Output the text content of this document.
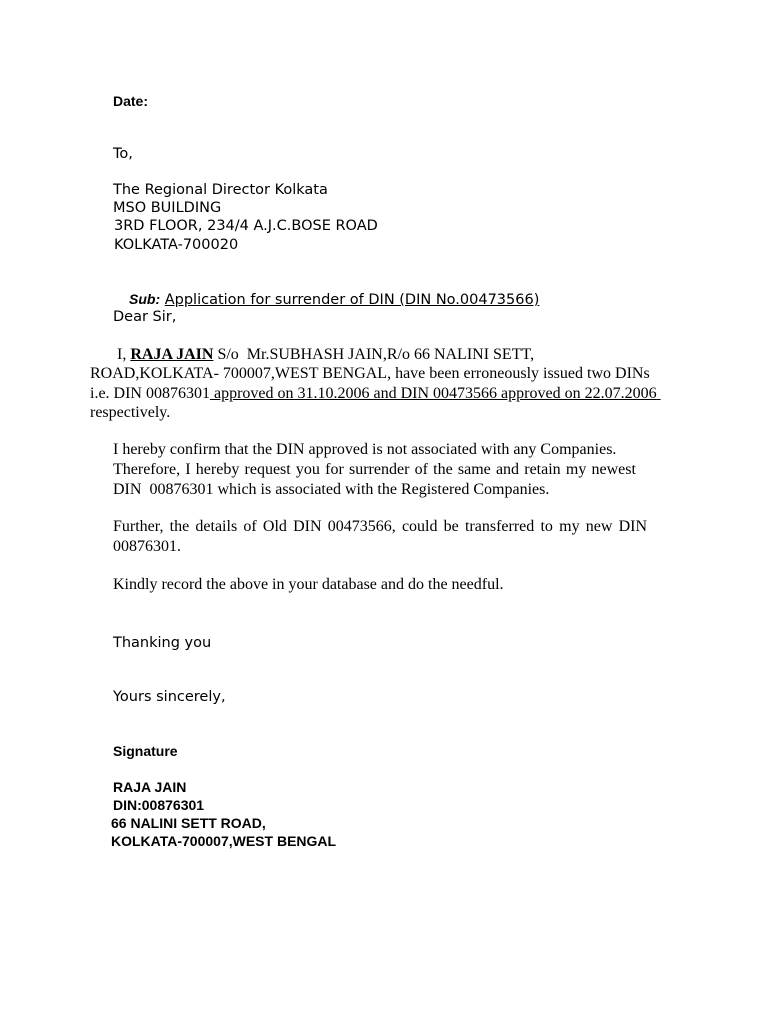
Date:
To,
The Regional Director Kolkata
MSO BUILDING
3RD FLOOR, 234/4 A.J.C.BOSE ROAD
KOLKATA-700020

Sub: Application for surrender of DIN (DIN No.00473566)

Dear Sir,
I, RAJA JAIN S/o  Mr.SUBHASH JAIN,R/o 66 NALINI SETT,
ROAD,KOLKATA- 700007,WEST BENGAL, have been erroneously issued two DINs
i.e. DIN 00876301 approved on 31.10.2006 and DIN 00473566 approved on 22.07.2006
respectively.
I hereby confirm that the DIN approved is not associated with any Companies.
Therefore, I hereby request you for surrender of the same and retain my newest
DIN  00876301 which is associated with the Registered Companies.
Further, the details of Old DIN 00473566, could be transferred to my new DIN
00876301.
Kindly record the above in your database and do the needful.
Thanking you
Yours sincerely,
Signature
RAJA JAIN
DIN:00876301
66 NALINI SETT ROAD,
KOLKATA-700007,WEST BENGAL
